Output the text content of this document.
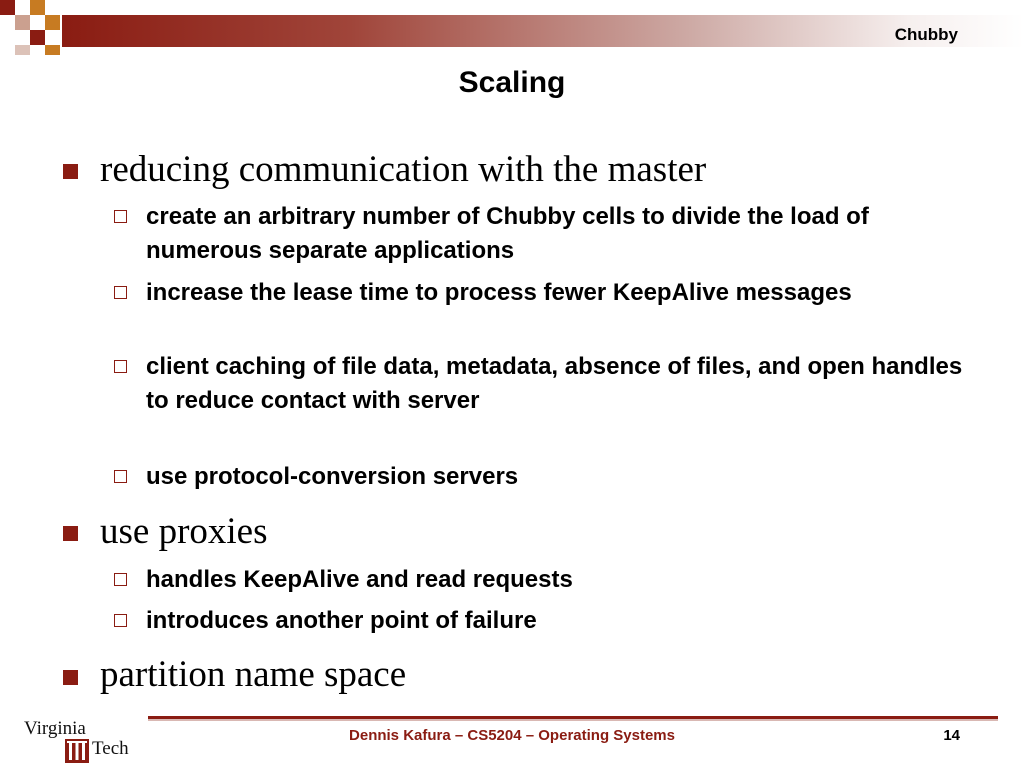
Chubby
Scaling
reducing communication with the master
create an arbitrary number of Chubby cells to divide the load of numerous separate applications
increase the lease time to process fewer KeepAlive messages
client caching of file data, metadata, absence of files, and open handles to reduce contact with server
use protocol-conversion servers
use proxies
handles KeepAlive and read requests
introduces another point of failure
partition name space
Dennis Kafura – CS5204 – Operating Systems	14
Virginia
Tech
